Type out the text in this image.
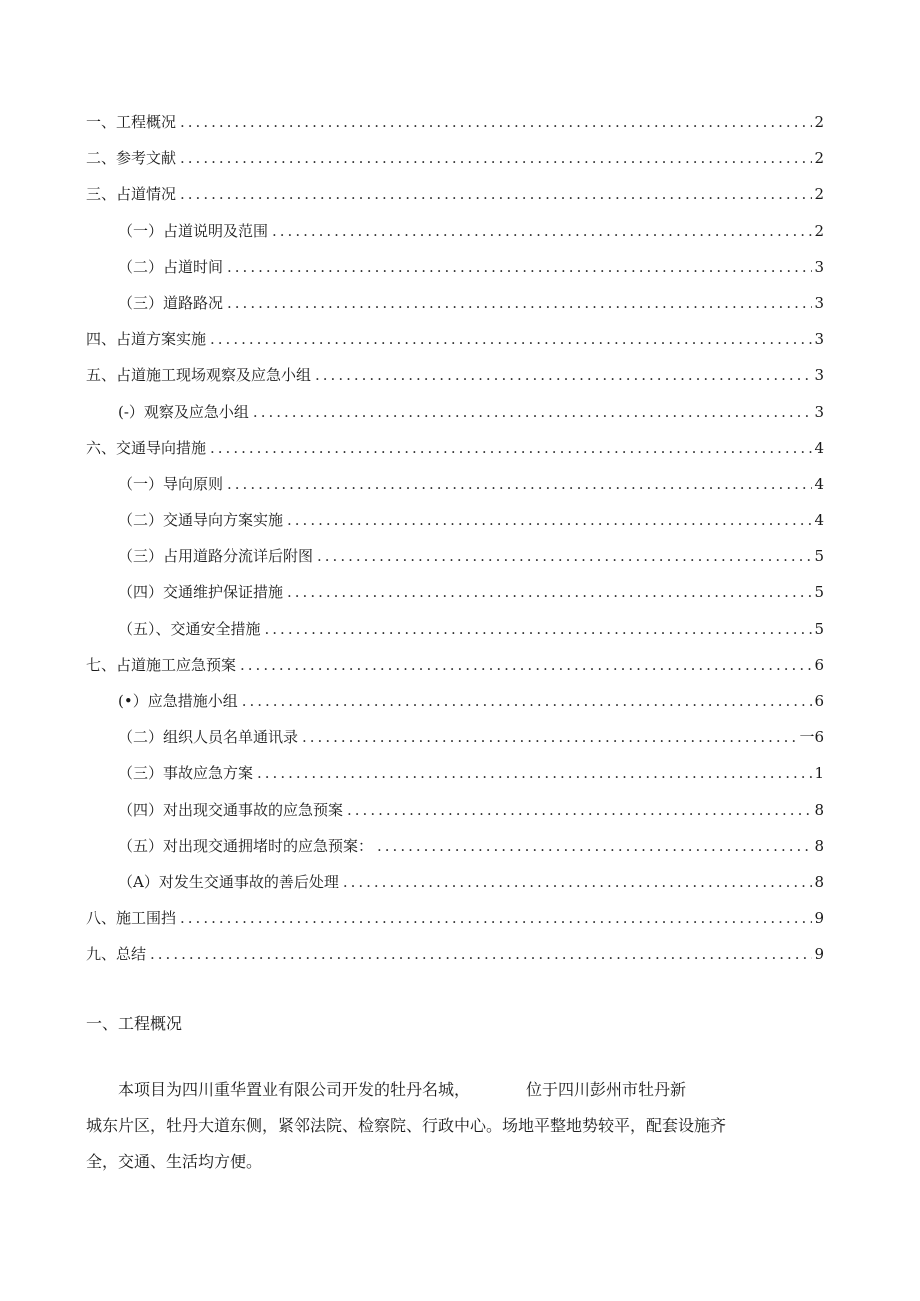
一、工程概况 .....	2
二、参考文献 .....	2
三、占道情况 .....	2
（一）占道说明及范围 .....	2
（二）占道时间 .....	3
（三）道路路况 .....	3
四、占道方案实施 .....	3
五、占道施工现场观察及应急小组 .....	3
(-）观察及应急小组 .....	3
六、交通导向措施 .....	4
（一）导向原则 .....	4
（二）交通导向方案实施 .....	4
（三）占用道路分流详后附图 .....	5
（四）交通维护保证措施 .....	5
（五）、交通安全措施 .....	5
七、占道施工应急预案 .....	6
(•）应急措施小组 .....	6
（二）组织人员名单通讯录 .....	一6
（三）事故应急方案 .....	1
（四）对出现交通事故的应急预案 .....	8
（五）对出现交通拥堵时的应急预案： .....	8
（A）对发生交通事故的善后处理 .....	8
八、施工围挡 .....	9
九、总结 .....	9
一、工程概况
本项目为四川重华置业有限公司开发的牡丹名城，	位于四川彭州市牡丹新
城东片区，牡丹大道东侧，紧邻法院、检察院、行政中心。场地平整地势较平，配套设施齐
全，交通、生活均方便。
